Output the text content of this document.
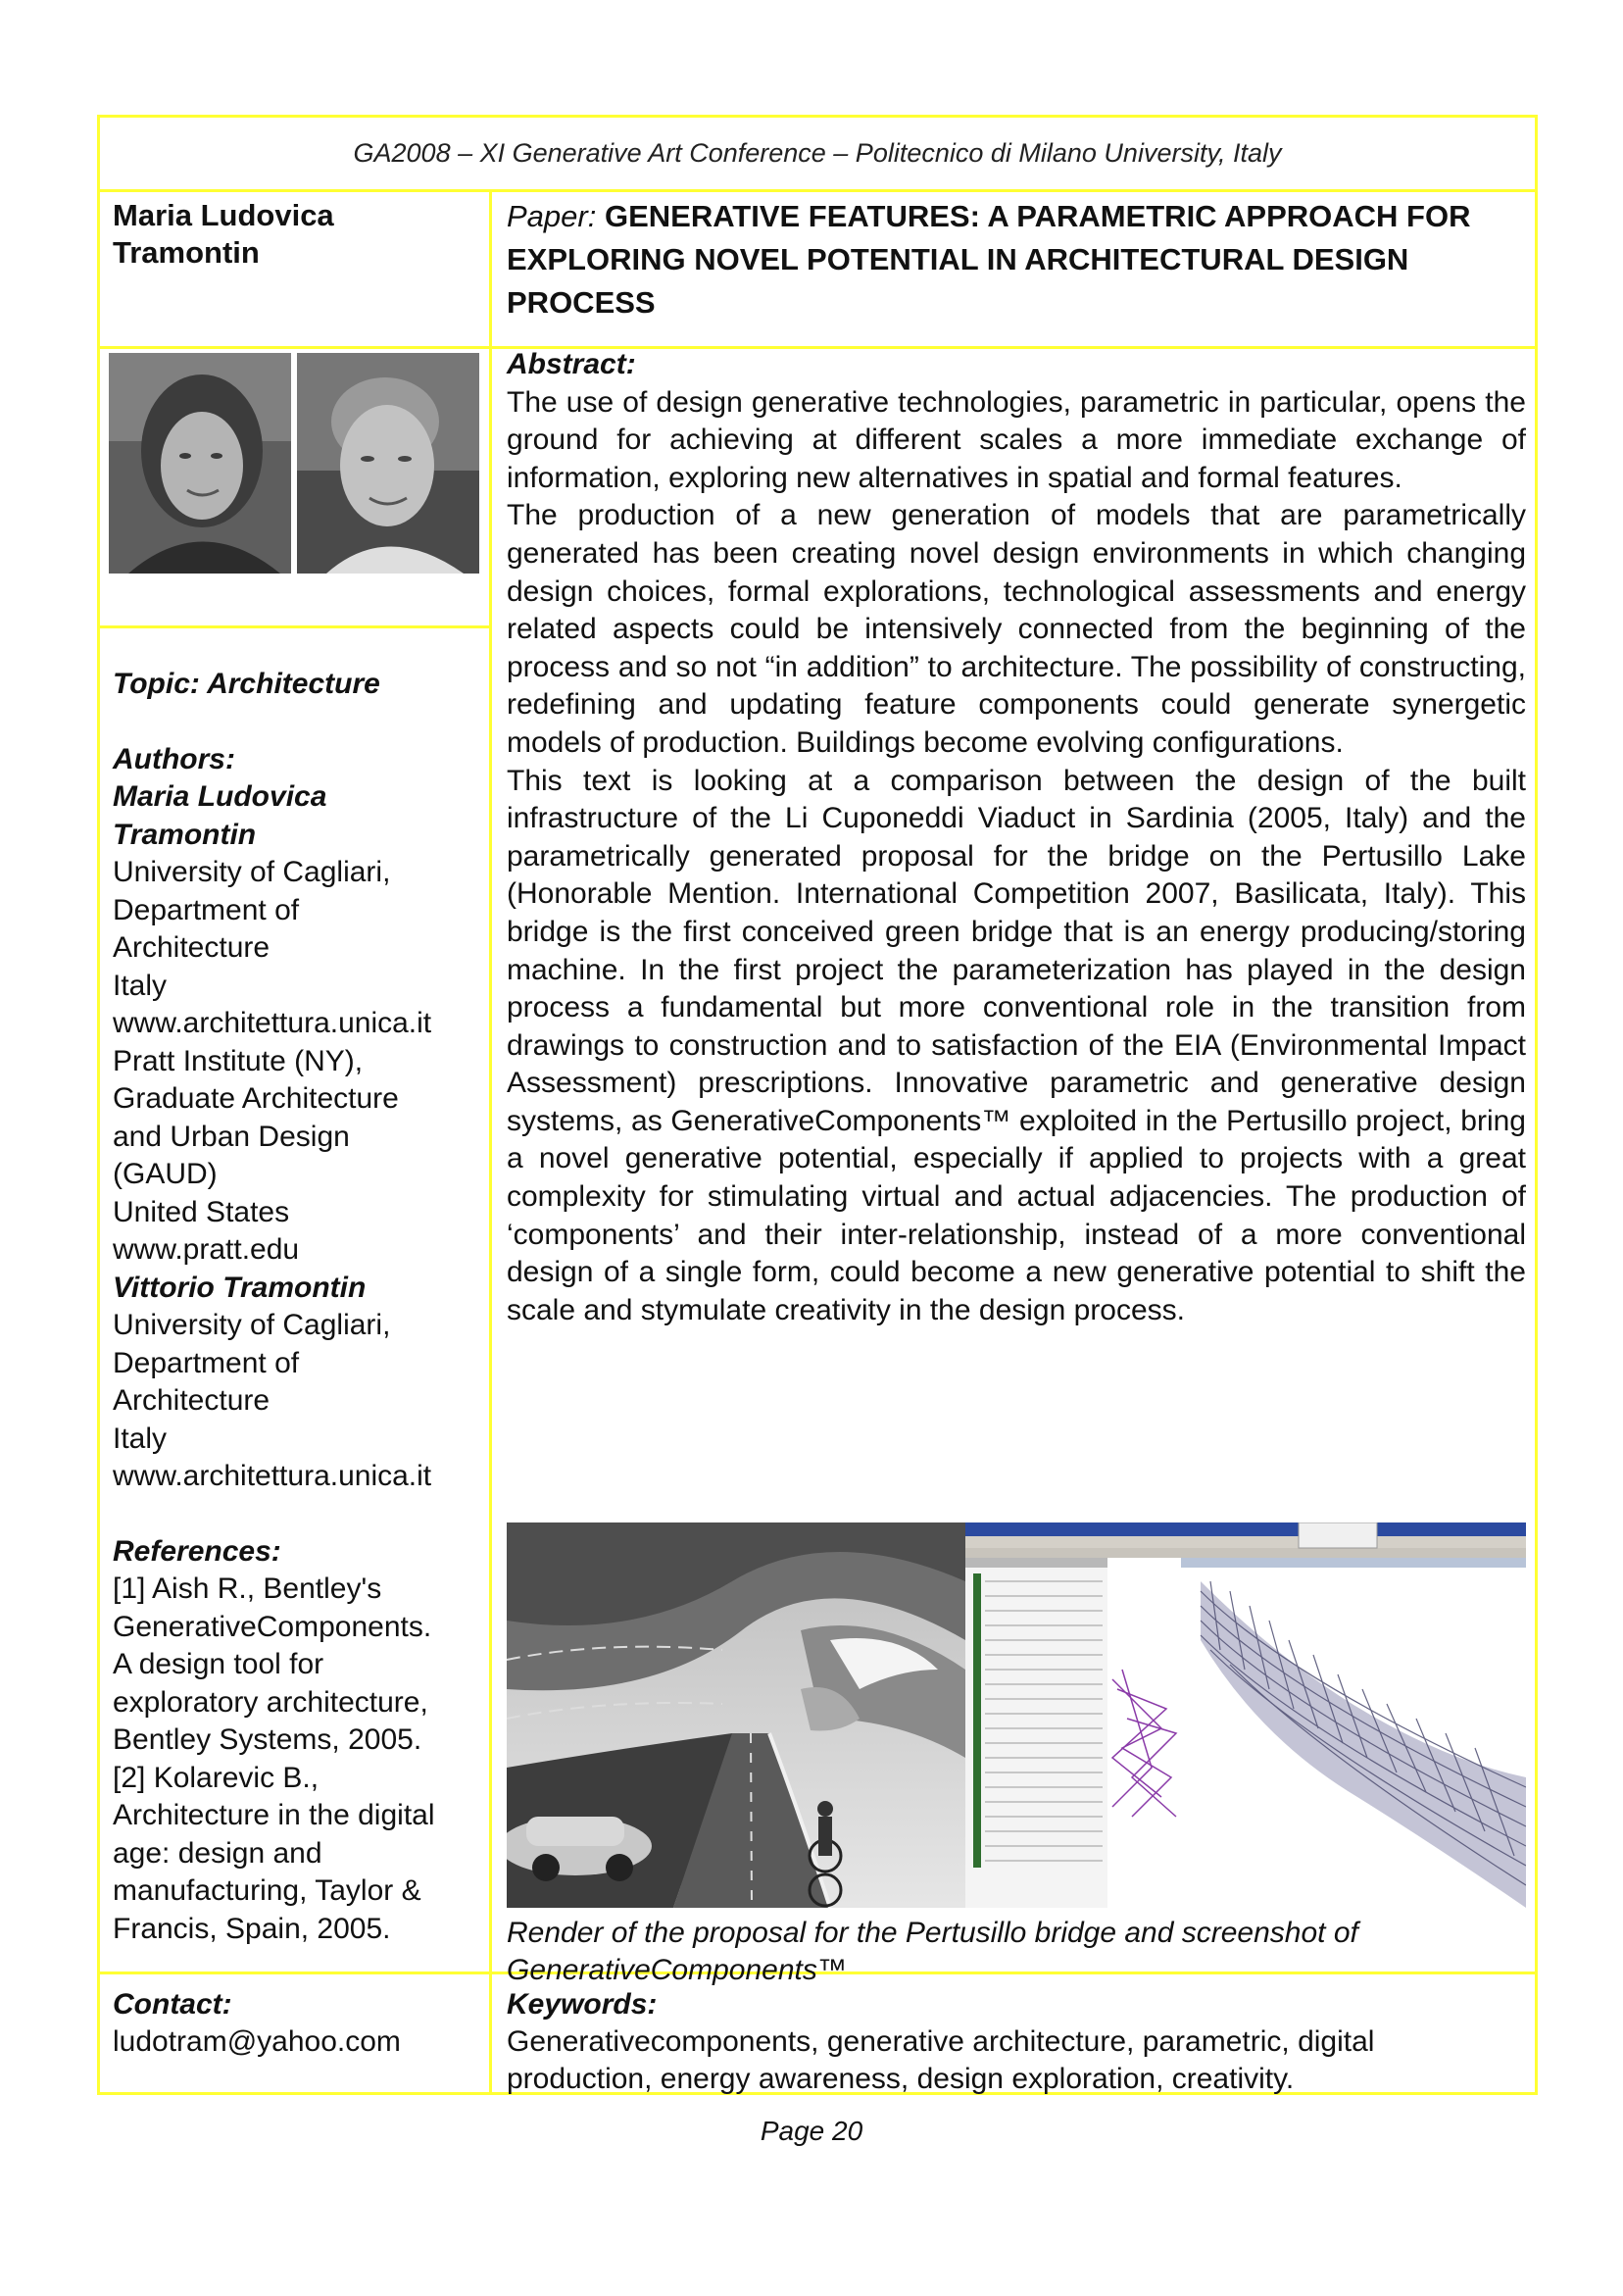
GA2008 – XI Generative Art Conference – Politecnico di Milano University, Italy
Maria Ludovica
Tramontin
Paper: GENERATIVE FEATURES: A PARAMETRIC APPROACH FOR EXPLORING NOVEL POTENTIAL IN ARCHITECTURAL DESIGN PROCESS
Topic: Architecture
Authors:
Maria Ludovica
Tramontin
University of Cagliari,
Department of
Architecture
Italy
www.architettura.unica.it
Pratt Institute (NY),
Graduate Architecture
and Urban Design
(GAUD)
United States
www.pratt.edu
Vittorio Tramontin
University of Cagliari,
Department of
Architecture
Italy
www.architettura.unica.it
References:
[1] Aish R., Bentley's
GenerativeComponents.
A design tool for
exploratory architecture,
Bentley Systems, 2005.
[2] Kolarevic B.,
Architecture in the digital
age: design and
manufacturing, Taylor &
Francis, Spain, 2005.
Abstract:

The use of design generative technologies, parametric in particular, opens the ground for achieving at different scales a more immediate exchange of information, exploring new alternatives in spatial and formal features.

The production of a new generation of models that are parametrically generated has been creating novel design environments in which changing design choices, formal explorations, technological assessments and energy related aspects could be intensively connected from the beginning of the process and so not “in addition” to architecture. The possibility of constructing, redefining and updating feature components could generate synergetic models of production. Buildings become evolving configurations.

This text is looking at a comparison between the design of the built infrastructure of the Li Cuponeddi Viaduct in Sardinia (2005, Italy) and the parametrically generated proposal for the bridge on the Pertusillo Lake (Honorable Mention. International Competition 2007, Basilicata, Italy). This bridge is the first conceived green bridge that is an energy producing/storing machine. In the first project the parameterization has played in the design process a fundamental but more conventional role in the transition from drawings to construction and to satisfaction of the EIA (Environmental Impact Assessment) prescriptions. Innovative parametric and generative design systems, as GenerativeComponents™ exploited in the Pertusillo project, bring a novel generative potential, especially if applied to projects with a great complexity for stimulating virtual and actual adjacencies. The production of ‘components’ and their inter-relationship, instead of a more conventional design of a single form, could become a new generative potential to shift the scale and stymulate creativity in the design process.

Render of the proposal for the Pertusillo bridge and screenshot of GenerativeComponents™
Contact:
ludotram@yahoo.com
Keywords:
Generativecomponents, generative architecture, parametric, digital production, energy awareness, design exploration, creativity.
Page 20
